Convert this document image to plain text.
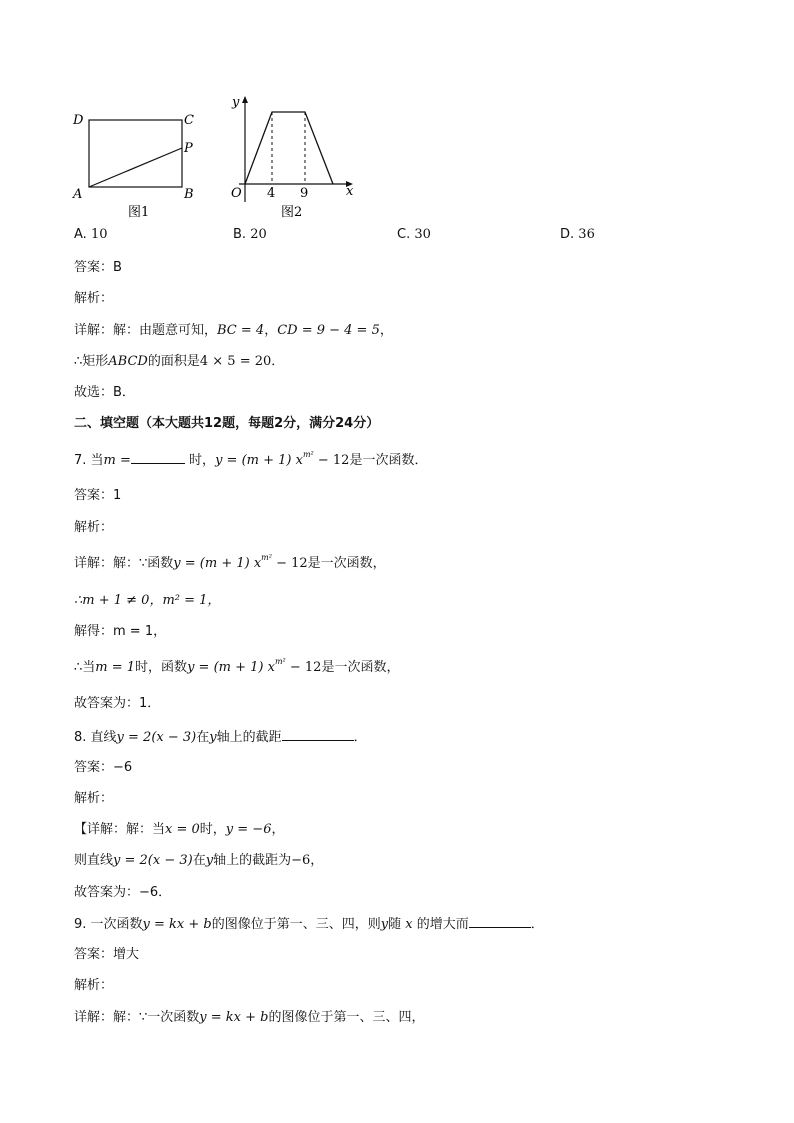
D	C
P
A	B
图1
y
x
O 4 9
图2
A. 10	B. 20	C. 30	D. 36
答案：B
解析：
详解：解：由题意可知，BC = 4，CD = 9 − 4 = 5，
∴矩形ABCD的面积是4 × 5 = 20．
故选：B．
二、填空题（本大题共12题，每题2分，满分24分）
7. 当m =	时，y = (m + 1) $x^{m^2} - 12$是一次函数．
答案：1
解析：
详解：解：∵函数y = (m + 1) $x^{m^2} - 12$是一次函数，
∴m + 1 ≠ 0，m² = 1，
解得：m = 1，
∴当m = 1时，函数y = (m + 1) $x^{m^2} - 12$是一次函数，
故答案为：1．
8. 直线y = 2(x − 3)在y轴上的截距	．
答案：−6
解析：
【详解：解：当x = 0时，y = −6，
则直线y = 2(x − 3)在y轴上的截距为−6，
故答案为：−6．
9. 一次函数y = kx + b的图像位于第一、三、四，则y随 x 的增大而	．
答案：增大
解析：
详解：解：∵一次函数y = kx + b的图像位于第一、三、四，
